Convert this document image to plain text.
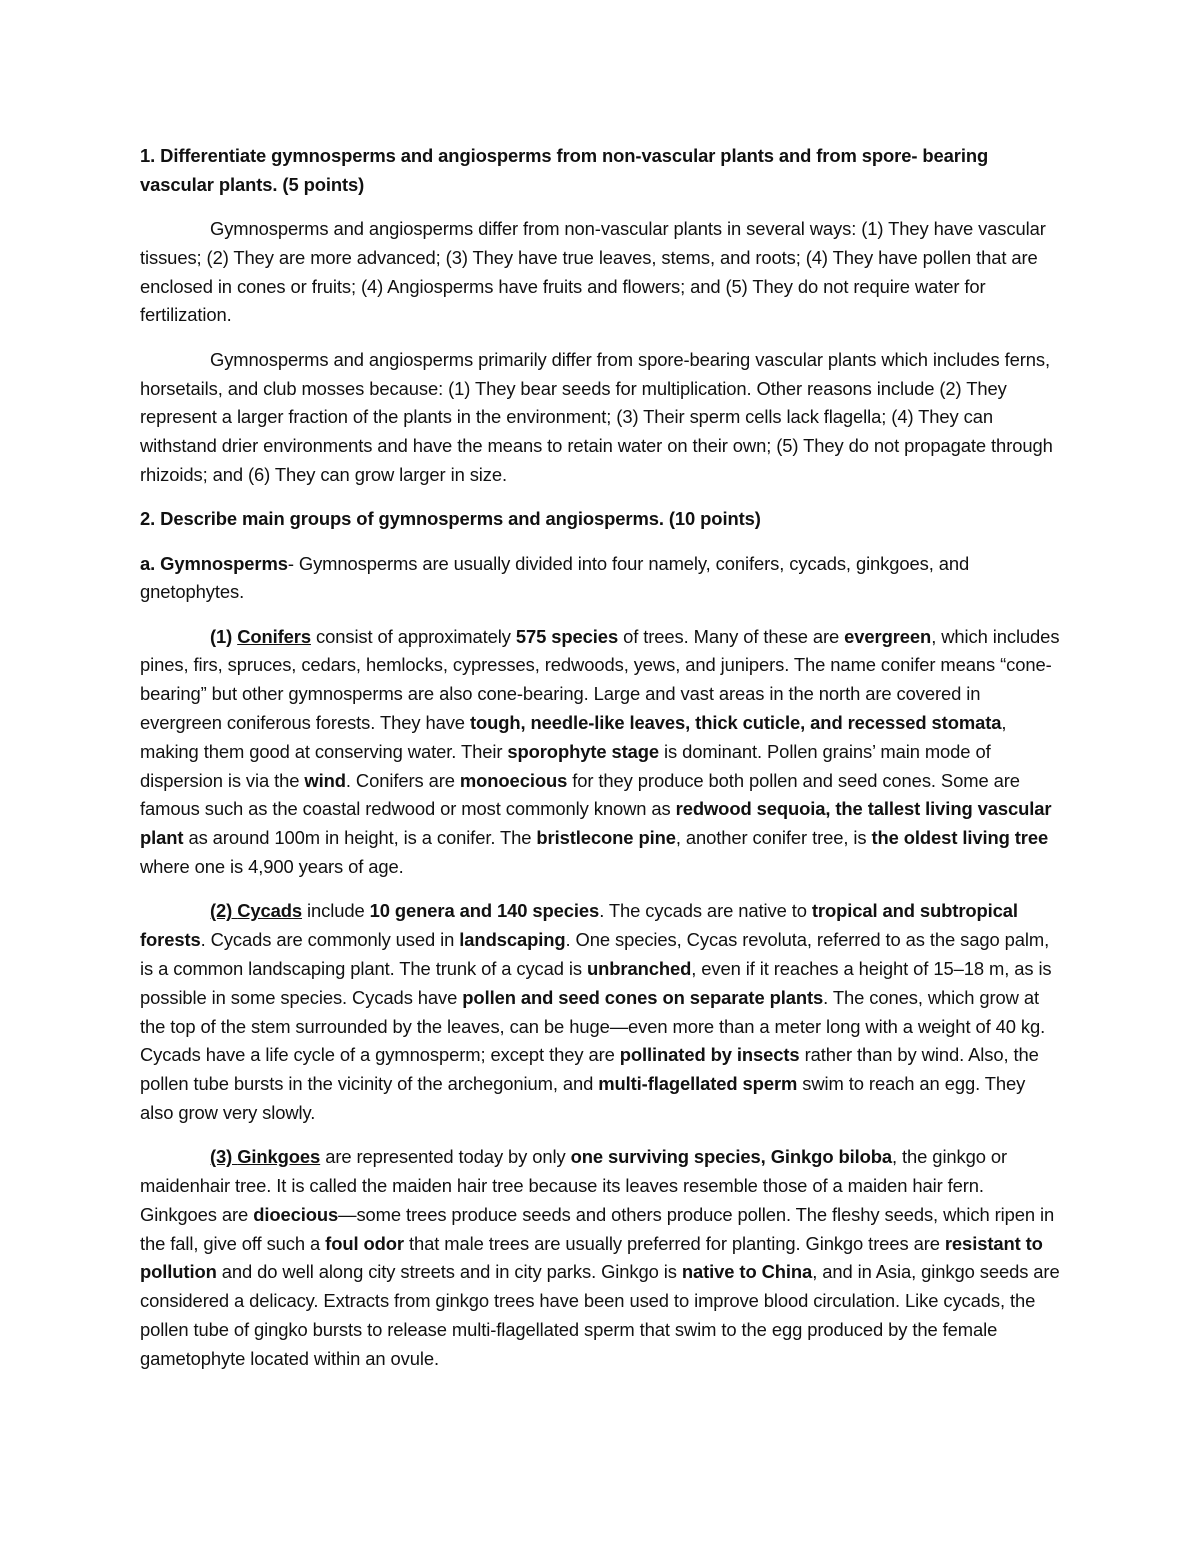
1. Differentiate gymnosperms and angiosperms from non-vascular plants and from spore- bearing vascular plants. (5 points)

Gymnosperms and angiosperms differ from non-vascular plants in several ways: (1) They have vascular tissues; (2) They are more advanced; (3) They have true leaves, stems, and roots; (4) They have pollen that are enclosed in cones or fruits; (4) Angiosperms have fruits and flowers; and (5) They do not require water for fertilization.

Gymnosperms and angiosperms primarily differ from spore-bearing vascular plants which includes ferns, horsetails, and club mosses because: (1) They bear seeds for multiplication. Other reasons include (2) They represent a larger fraction of the plants in the environment; (3) Their sperm cells lack flagella; (4) They can withstand drier environments and have the means to retain water on their own; (5) They do not propagate through rhizoids; and (6) They can grow larger in size.

2. Describe main groups of gymnosperms and angiosperms. (10 points)

a. Gymnosperms- Gymnosperms are usually divided into four namely, conifers, cycads, ginkgoes, and gnetophytes.

(1) Conifers consist of approximately 575 species of trees. Many of these are evergreen, which includes pines, firs, spruces, cedars, hemlocks, cypresses, redwoods, yews, and junipers. The name conifer means “cone-bearing” but other gymnosperms are also cone-bearing. Large and vast areas in the north are covered in evergreen coniferous forests. They have tough, needle-like leaves, thick cuticle, and recessed stomata, making them good at conserving water. Their sporophyte stage is dominant. Pollen grains’ main mode of dispersion is via the wind. Conifers are monoecious for they produce both pollen and seed cones. Some are famous such as the coastal redwood or most commonly known as redwood sequoia, the tallest living vascular plant as around 100m in height, is a conifer. The bristlecone pine, another conifer tree, is the oldest living tree where one is 4,900 years of age.

(2) Cycads include 10 genera and 140 species. The cycads are native to tropical and subtropical forests. Cycads are commonly used in landscaping. One species, Cycas revoluta, referred to as the sago palm, is a common landscaping plant. The trunk of a cycad is unbranched, even if it reaches a height of 15–18 m, as is possible in some species. Cycads have pollen and seed cones on separate plants. The cones, which grow at the top of the stem surrounded by the leaves, can be huge—even more than a meter long with a weight of 40 kg. Cycads have a life cycle of a gymnosperm; except they are pollinated by insects rather than by wind. Also, the pollen tube bursts in the vicinity of the archegonium, and multi-flagellated sperm swim to reach an egg. They also grow very slowly.

(3) Ginkgoes are represented today by only one surviving species, Ginkgo biloba, the ginkgo or maidenhair tree. It is called the maiden hair tree because its leaves resemble those of a maiden hair fern. Ginkgoes are dioecious—some trees produce seeds and others produce pollen. The fleshy seeds, which ripen in the fall, give off such a foul odor that male trees are usually preferred for planting. Ginkgo trees are resistant to pollution and do well along city streets and in city parks. Ginkgo is native to China, and in Asia, ginkgo seeds are considered a delicacy. Extracts from ginkgo trees have been used to improve blood circulation. Like cycads, the pollen tube of gingko bursts to release multi-flagellated sperm that swim to the egg produced by the female gametophyte located within an ovule.
